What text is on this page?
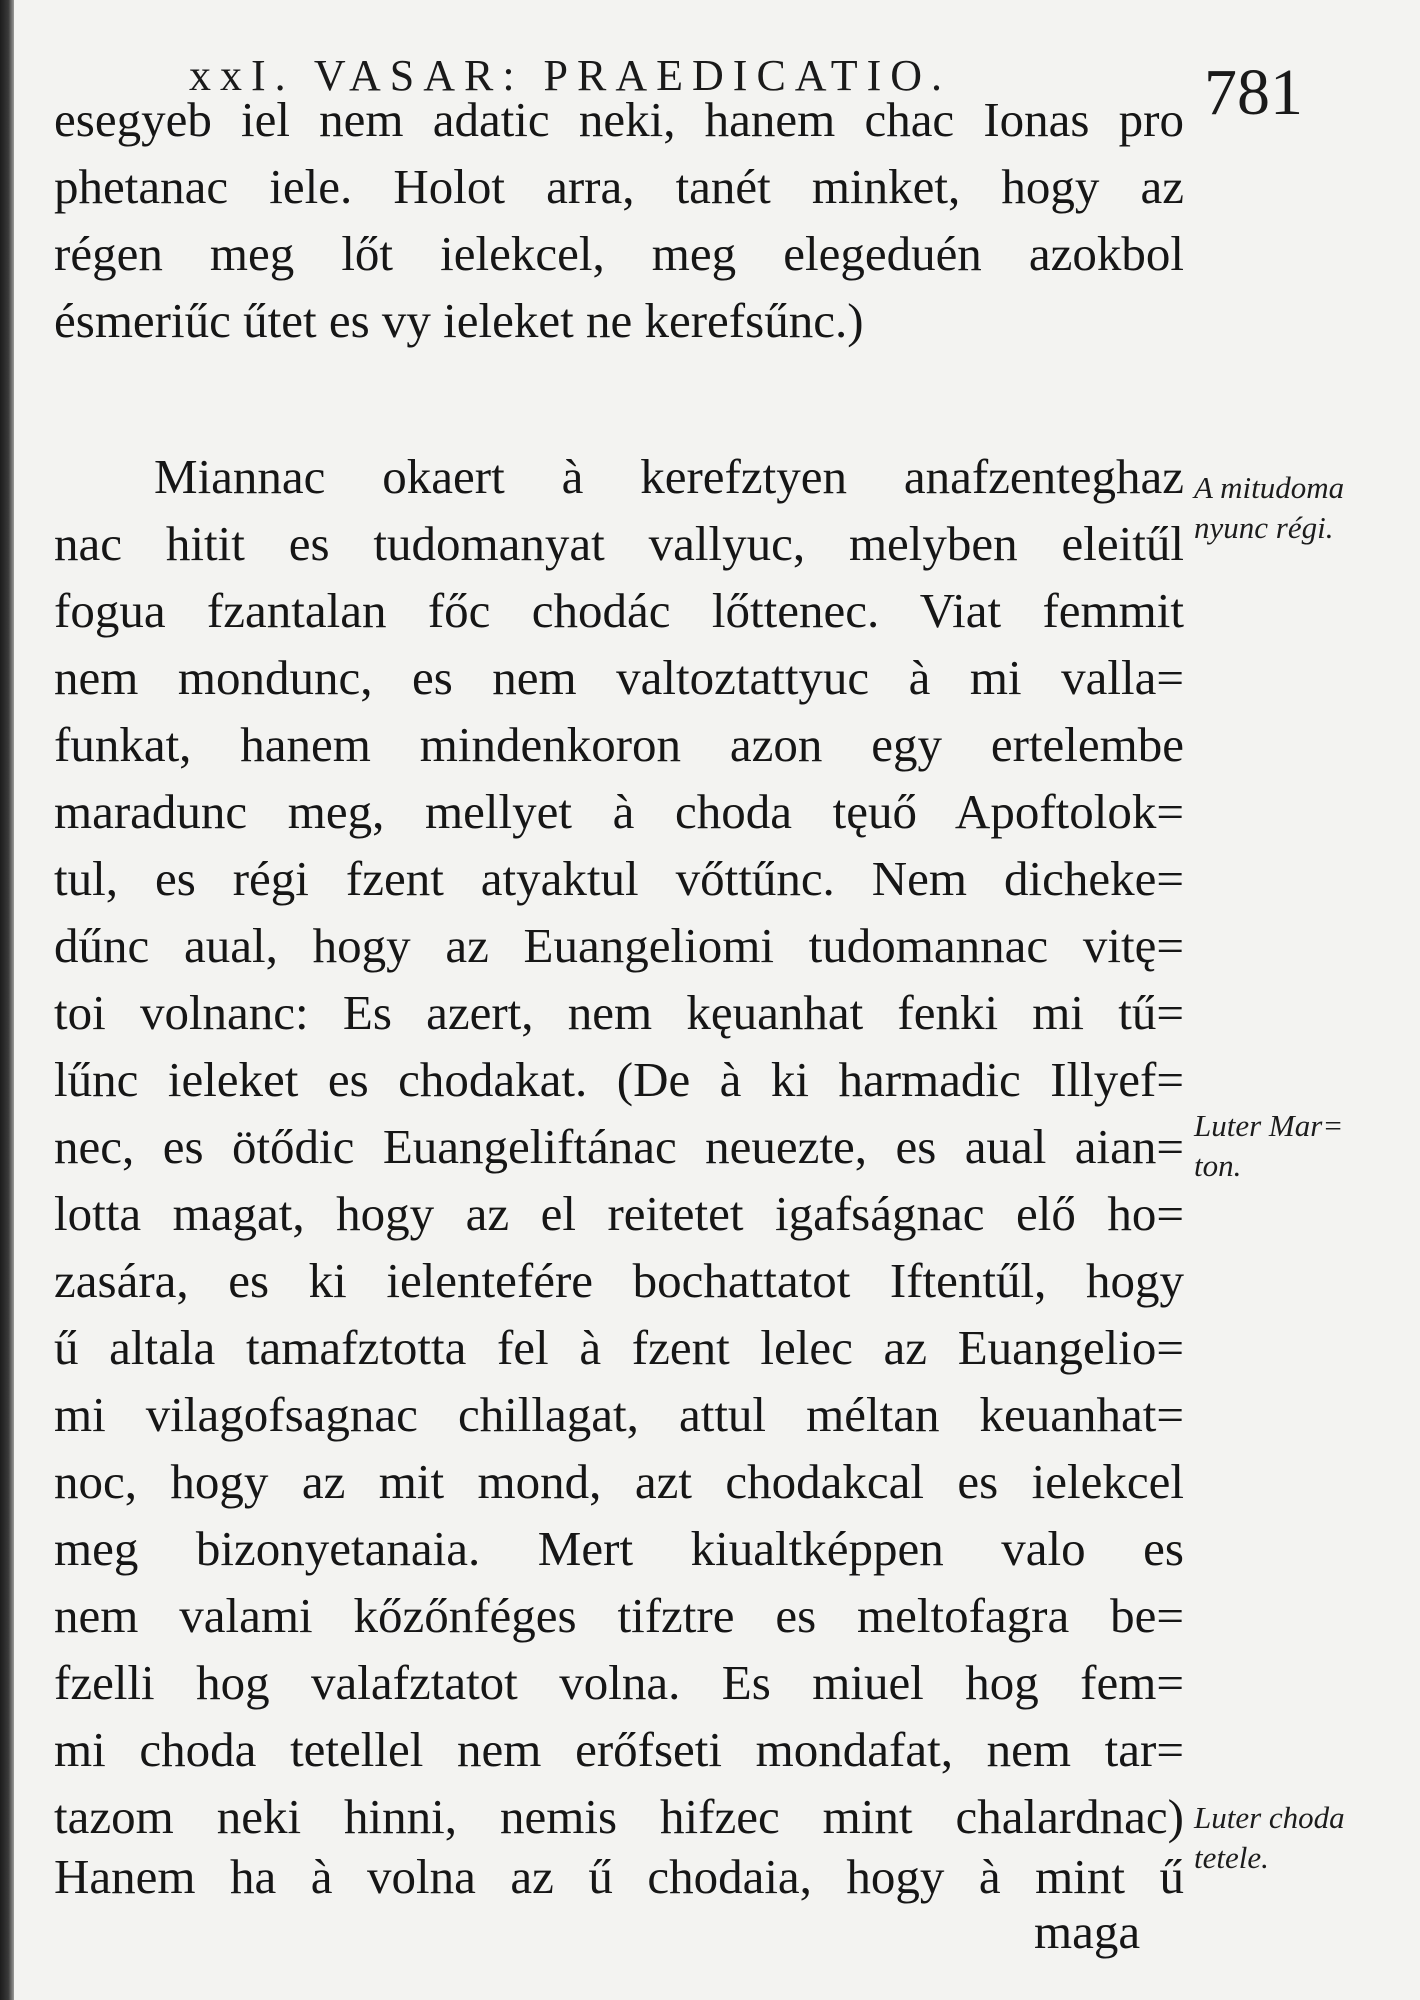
xxI. VASAR: PRAEDICATIO.	781
esegyeb iel nem adatic neki, hanem chac Ionas pro
phetanac iele. Holot arra, tanét minket, hogy az
régen meg lőt ielekcel, meg elegeduén azokbol
ésmeriűc űtet es vy ieleket ne kerefsűnc.)
Miannac okaert à kerefztyen anafzenteghaz
nac hitit es tudomanyat vallyuc, melyben eleitűl
fogua fzantalan főc chodác lőttenec. Viat femmit
nem mondunc, es nem valtoztattyuc à mi valla=
funkat, hanem mindenkoron azon egy ertelembe
maradunc meg, mellyet à choda tęuő Apoftolok=
tul, es régi fzent atyaktul vőttűnc. Nem dicheke=
dűnc aual, hogy az Euangeliomi tudomannac vitę=
toi volnanc: Es azert, nem kęuanhat fenki mi tű=
lűnc ieleket es chodakat. (De à ki harmadic Illyef=
nec, es ötődic Euangeliftánac neuezte, es aual aian=
lotta magat, hogy az el reitetet igafságnac elő ho=
zasára, es ki ielentefére bochattatot Iftentűl, hogy
ű altala tamafztotta fel à fzent lelec az Euangelio=
mi vilagofsagnac chillagat, attul méltan keuanhat=
noc, hogy az mit mond, azt chodakcal es ielekcel
meg bizonyetanaia. Mert kiualtképpen valo es
nem valami kőzőnféges tifztre es meltofagra be=
fzelli hog valafztatot volna. Es miuel hog fem=
mi choda tetellel nem erőfseti mondafat, nem tar=
tazom neki hinni, nemis hifzec mint chalardnac)
Hanem ha à volna az ű chodaia, hogy à mint ű
maga
A mitudoma
nyunc régi.
Luter Mar=
ton.
Luter choda
tetele.
